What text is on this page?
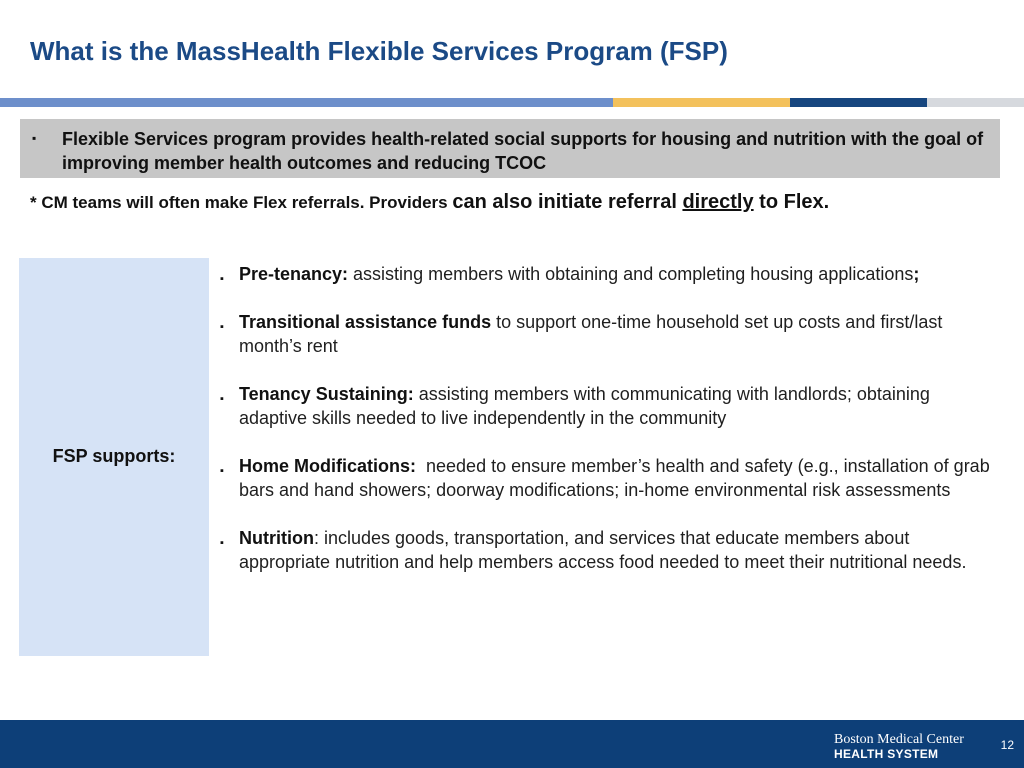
What is the MassHealth Flexible Services Program (FSP)
▪ Flexible Services program provides health-related social supports for housing and nutrition with the goal of improving member health outcomes and reducing TCOC
* CM teams will often make Flex referrals. Providers can also initiate referral directly to Flex.
FSP supports:
▪ Pre-tenancy: assisting members with obtaining and completing housing applications;
▪ Transitional assistance funds to support one-time household set up costs and first/last month’s rent
▪ Tenancy Sustaining: assisting members with communicating with landlords; obtaining adaptive skills needed to live independently in the community
▪ Home Modifications:  needed to ensure member’s health and safety (e.g., installation of grab bars and hand showers; doorway modifications; in-home environmental risk assessments
▪ Nutrition: includes goods, transportation, and services that educate members about appropriate nutrition and help members access food needed to meet their nutritional needs.
Boston Medical Center
HEALTH SYSTEM
12
